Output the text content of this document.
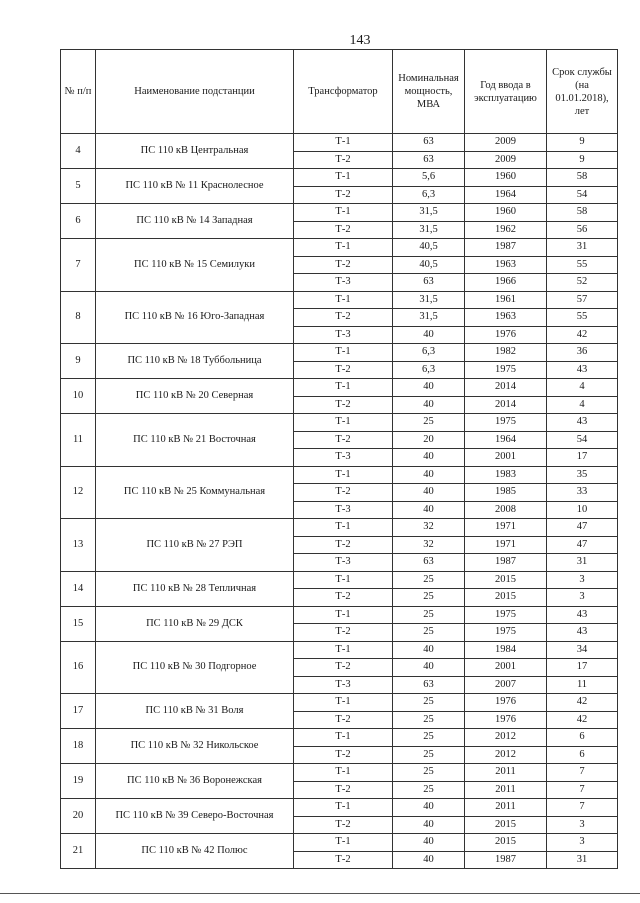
143
№ п/п	Наименование подстанции	Трансформатор	Номинальная мощность, МВА	Год ввода в эксплуатацию	Срок службы (на 01.01.2018), лет
4	ПС 110 кВ Центральная	Т-1	63	2009	9
		Т-2	63	2009	9
5	ПС 110 кВ № 11 Краснолесное	Т-1	5,6	1960	58
		Т-2	6,3	1964	54
6	ПС 110 кВ № 14 Западная	Т-1	31,5	1960	58
		Т-2	31,5	1962	56
7	ПС 110 кВ № 15 Семилуки	Т-1	40,5	1987	31
		Т-2	40,5	1963	55
		Т-3	63	1966	52
8	ПС 110 кВ № 16 Юго-Западная	Т-1	31,5	1961	57
		Т-2	31,5	1963	55
		Т-3	40	1976	42
9	ПС 110 кВ № 18 Туббольница	Т-1	6,3	1982	36
		Т-2	6,3	1975	43
10	ПС 110 кВ № 20 Северная	Т-1	40	2014	4
		Т-2	40	2014	4
11	ПС 110 кВ № 21 Восточная	Т-1	25	1975	43
		Т-2	20	1964	54
		Т-3	40	2001	17
12	ПС 110 кВ № 25 Коммунальная	Т-1	40	1983	35
		Т-2	40	1985	33
		Т-3	40	2008	10
13	ПС 110 кВ № 27 РЭП	Т-1	32	1971	47
		Т-2	32	1971	47
		Т-3	63	1987	31
14	ПС 110 кВ № 28 Тепличная	Т-1	25	2015	3
		Т-2	25	2015	3
15	ПС 110 кВ № 29 ДСК	Т-1	25	1975	43
		Т-2	25	1975	43
16	ПС 110 кВ № 30 Подгорное	Т-1	40	1984	34
		Т-2	40	2001	17
		Т-3	63	2007	11
17	ПС 110 кВ № 31 Воля	Т-1	25	1976	42
		Т-2	25	1976	42
18	ПС 110 кВ № 32 Никольское	Т-1	25	2012	6
		Т-2	25	2012	6
19	ПС 110 кВ № 36 Воронежская	Т-1	25	2011	7
		Т-2	25	2011	7
20	ПС 110 кВ № 39 Северо-Восточная	Т-1	40	2011	7
		Т-2	40	2015	3
21	ПС 110 кВ № 42 Полюс	Т-1	40	2015	3
		Т-2	40	1987	31
